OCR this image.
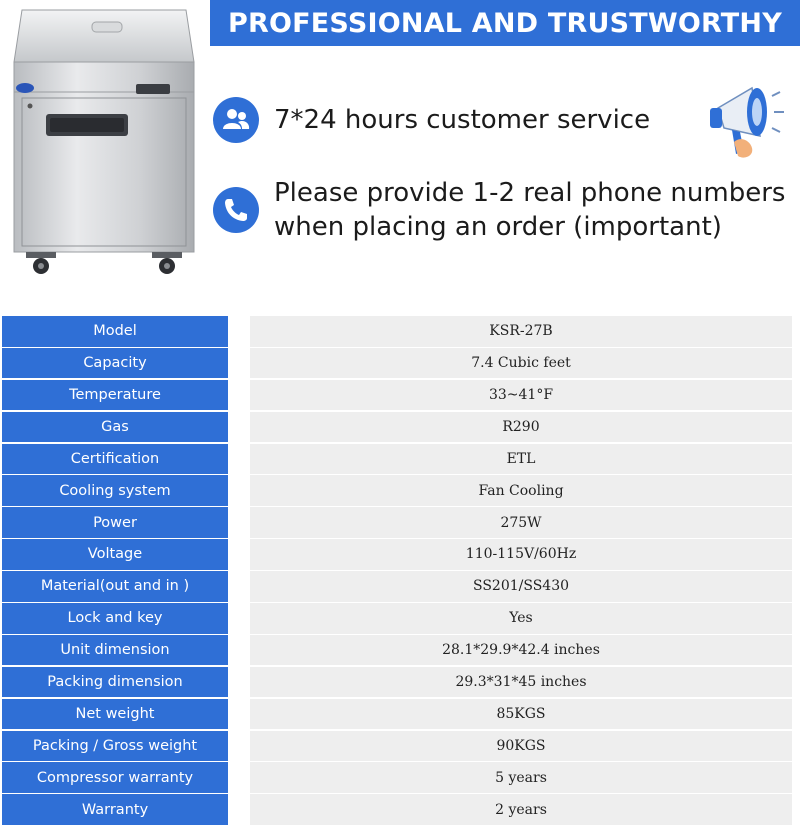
PROFESSIONAL AND TRUSTWORTHY
7*24 hours customer service
Please provide 1-2 real phone numbers
when placing an order (important)
Model	KSR-27B
Capacity	7.4 Cubic feet
Temperature	33~41°F
Gas	R290
Certification	ETL
Cooling system	Fan Cooling
Power	275W
Voltage	110-115V/60Hz
Material(out and in )	SS201/SS430
Lock and key	Yes
Unit dimension	28.1*29.9*42.4 inches
Packing dimension	29.3*31*45 inches
Net weight	85KGS
Packing / Gross weight	90KGS
Compressor warranty	5 years
Warranty	2 years
